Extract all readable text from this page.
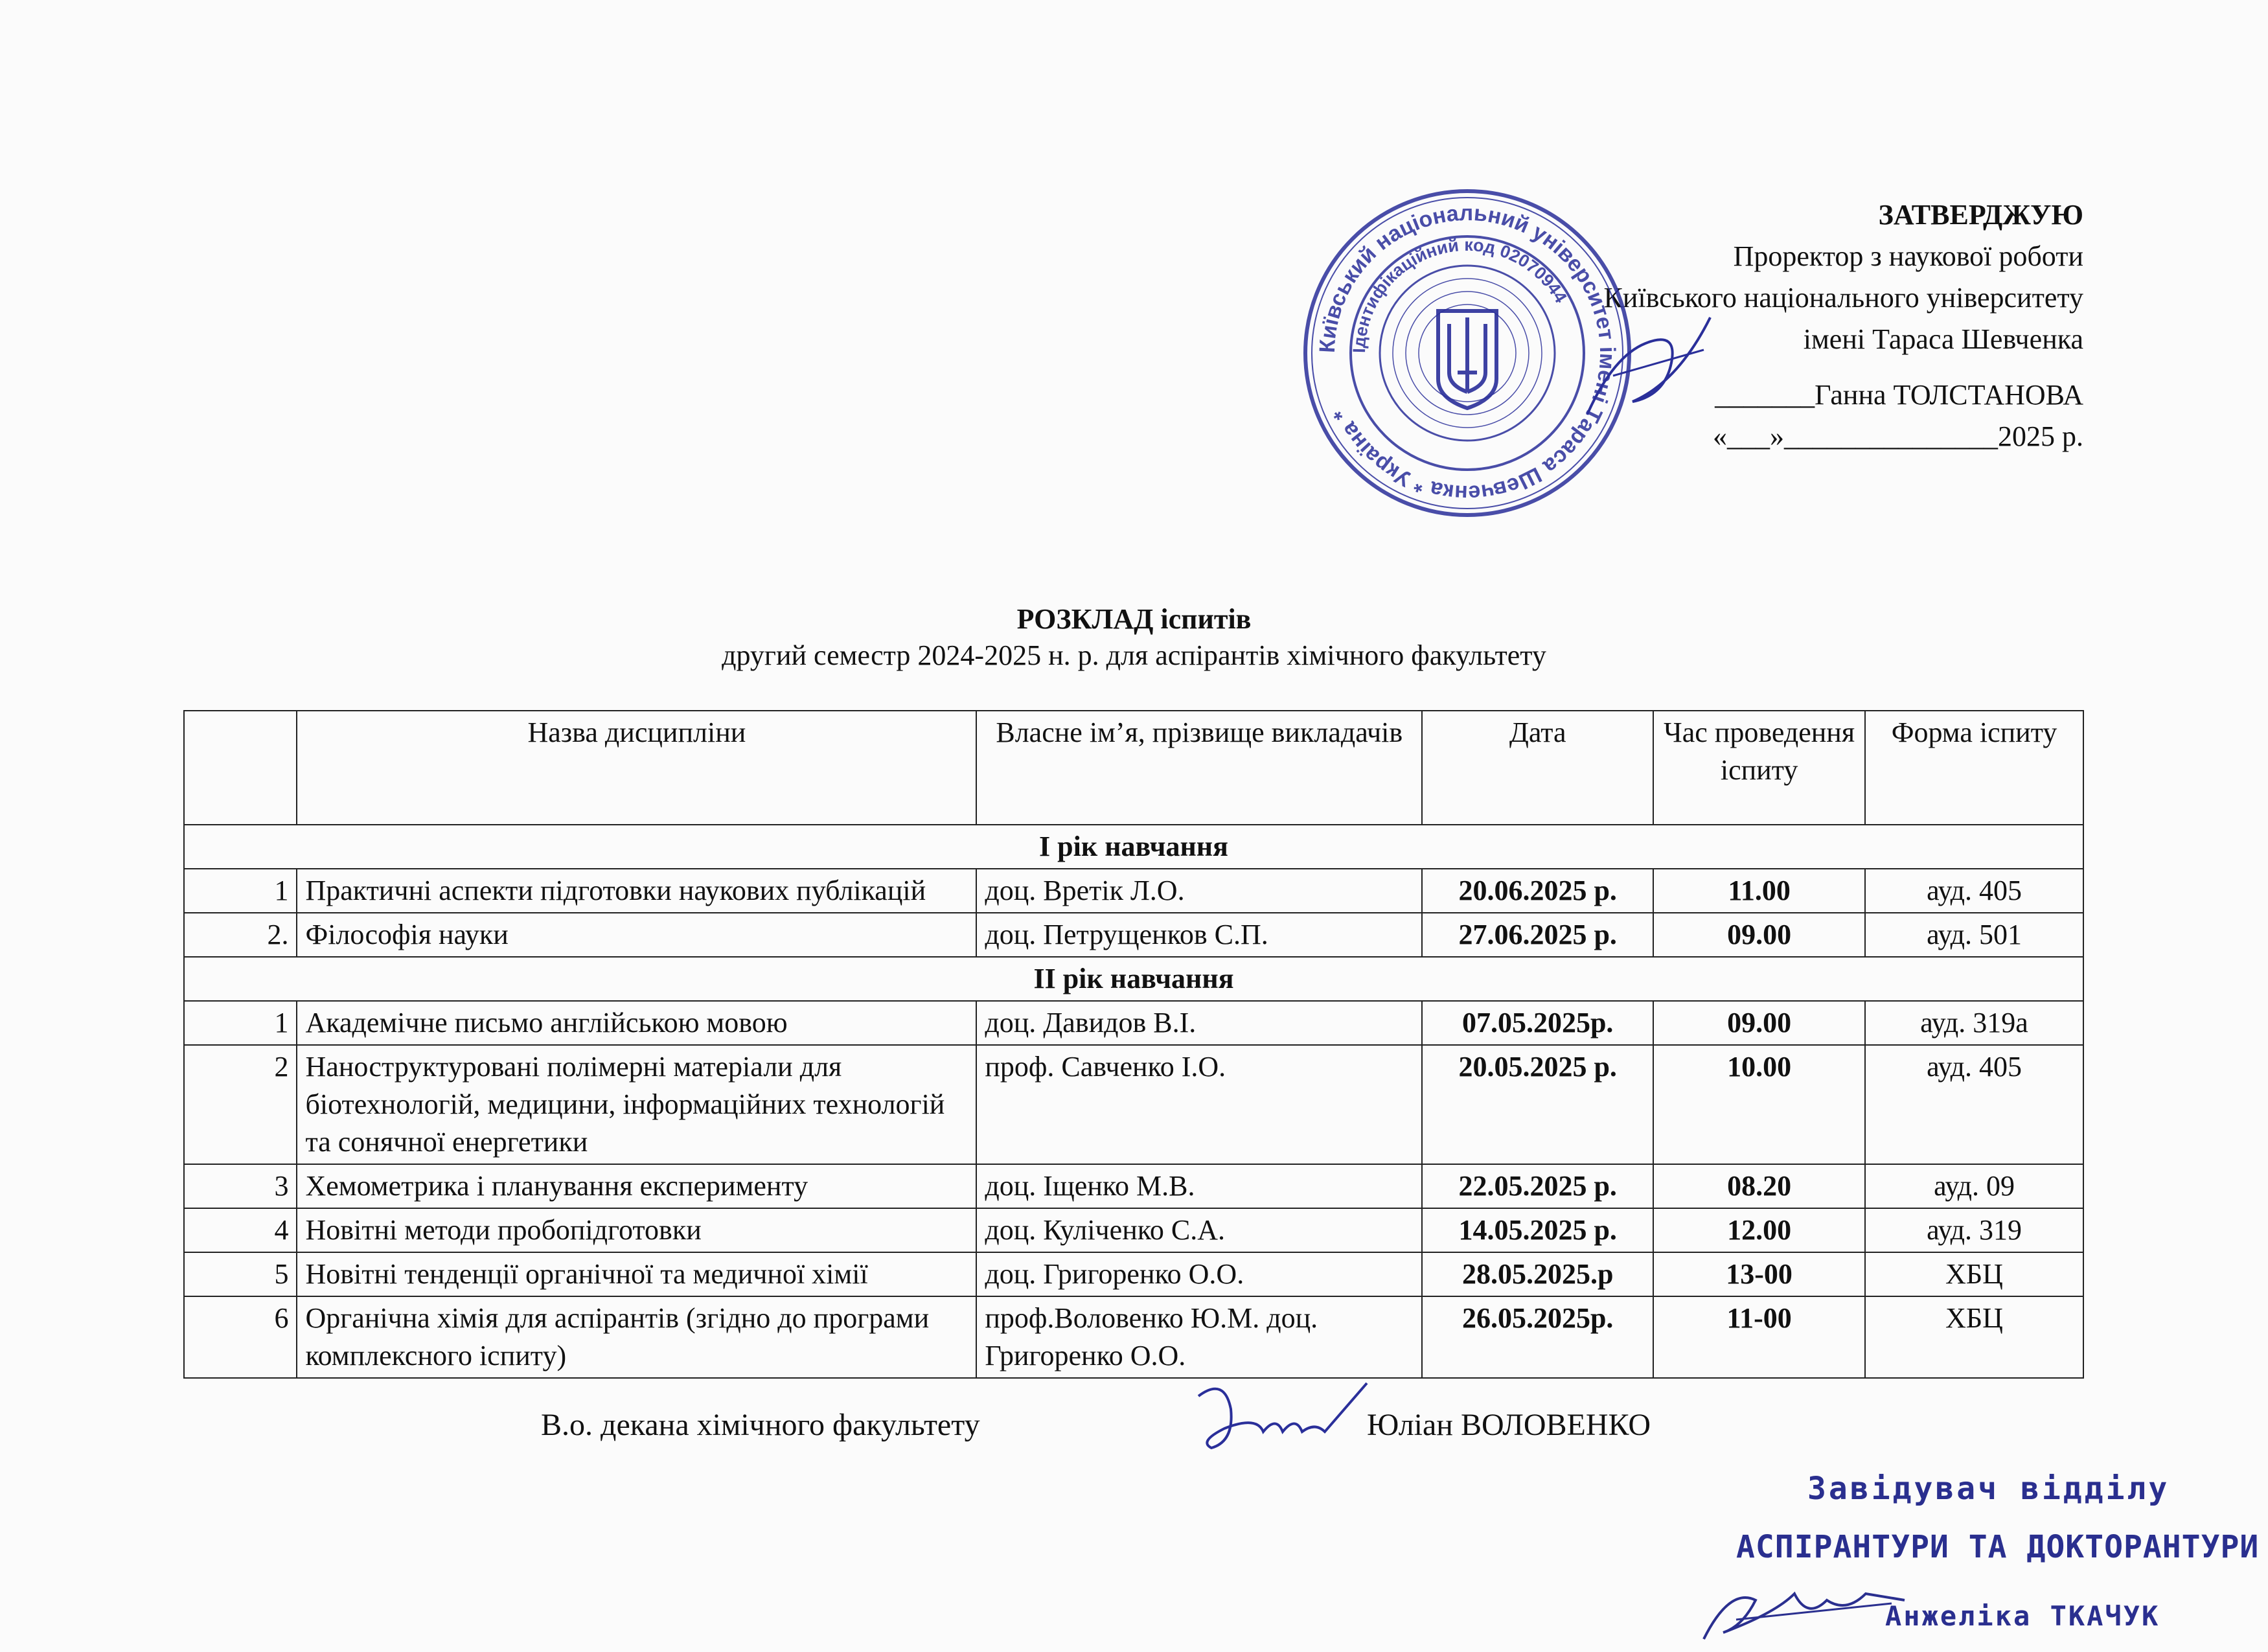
ЗАТВЕРДЖУЮ
Проректор з наукової роботи
Київського національного університету
імені Тараса Шевченка
_______Ганна ТОЛСТАНОВА
«___»_______________2025 р.
Київський національний університет імені Тараса Шевченка * Україна *
Ідентифікаційний код 02070944
РОЗКЛАД іспитів
другий семестр 2024-2025 н. р. для аспірантів хімічного факультету
	Назва дисципліни	Власне ім’я, прізвище викладачів	Дата	Час проведення іспиту	Форма іспиту
І рік навчання					
1	Практичні аспекти підготовки наукових публікацій	доц. Вретік Л.О.	20.06.2025 р.	11.00	ауд. 405
2.	Філософія науки	доц. Петрущенков С.П.	27.06.2025 р.	09.00	ауд. 501
ІІ рік навчання					
1	Академічне письмо англійською мовою	доц. Давидов В.І.	07.05.2025р.	09.00	ауд. 319а
2	Наноструктуровані полімерні матеріали для біотехнологій, медицини, інформаційних технологій та сонячної енергетики	проф. Савченко І.О.	20.05.2025 р.	10.00	ауд. 405
3	Хемометрика і планування експерименту	доц. Іщенко М.В.	22.05.2025 р.	08.20	ауд. 09
4	Новітні методи пробопідготовки	доц. Куліченко С.А.	14.05.2025 р.	12.00	ауд. 319
5	Новітні тенденції органічної та медичної хімії	доц. Григоренко О.О.	28.05.2025.р	13-00	ХБЦ
6	Органічна хімія для аспірантів (згідно до програми комплексного іспиту)	проф.Воловенко Ю.М. доц. Григоренко О.О.	26.05.2025р.	11-00	ХБЦ
В.о. декана хімічного факультету	Юліан ВОЛОВЕНКО
Завідувач відділу
АСПІРАНТУРИ ТА ДОКТОРАНТУРИ
Анжеліка ТКАЧУК
